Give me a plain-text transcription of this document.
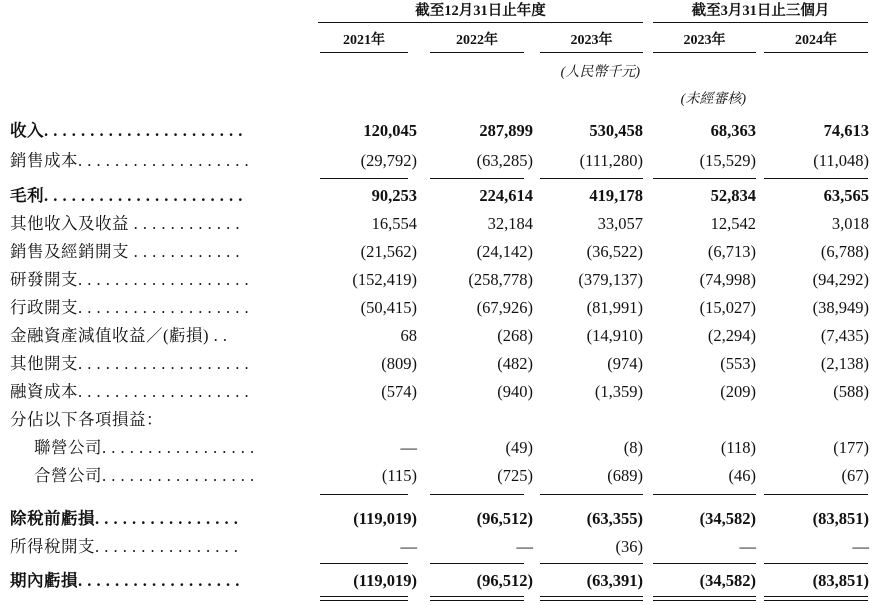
截至12月31日止年度	截至3月31日止三個月
2021年	2022年	2023年	2023年	2024年
(人民幣千元)
(未經審核)
收入. . . . . . . . . . . . . . . . . . . . . .	120,045	287,899	530,458	68,363	74,613
銷售成本. . . . . . . . . . . . . . . . . . .	(29,792)	(63,285)	(111,280)	(15,529)	(11,048)
毛利. . . . . . . . . . . . . . . . . . . . . .	90,253	224,614	419,178	52,834	63,565
其他收入及收益 . . . . . . . . . . . .	16,554	32,184	33,057	12,542	3,018
銷售及經銷開支 . . . . . . . . . . . .	(21,562)	(24,142)	(36,522)	(6,713)	(6,788)
研發開支. . . . . . . . . . . . . . . . . . .	(152,419)	(258,778)	(379,137)	(74,998)	(94,292)
行政開支. . . . . . . . . . . . . . . . . . .	(50,415)	(67,926)	(81,991)	(15,027)	(38,949)
金融資產減值收益／(虧損) . .	68	(268)	(14,910)	(2,294)	(7,435)
其他開支. . . . . . . . . . . . . . . . . . .	(809)	(482)	(974)	(553)	(2,138)
融資成本. . . . . . . . . . . . . . . . . . .	(574)	(940)	(1,359)	(209)	(588)
分佔以下各項損益：
聯營公司. . . . . . . . . . . . . . . . .	—	(49)	(8)	(118)	(177)
合營公司. . . . . . . . . . . . . . . . .	(115)	(725)	(689)	(46)	(67)
除稅前虧損. . . . . . . . . . . . . . . .	(119,019)	(96,512)	(63,355)	(34,582)	(83,851)
所得稅開支. . . . . . . . . . . . . . . .	—	—	(36)	—	—
期內虧損. . . . . . . . . . . . . . . . . .	(119,019)	(96,512)	(63,391)	(34,582)	(83,851)
